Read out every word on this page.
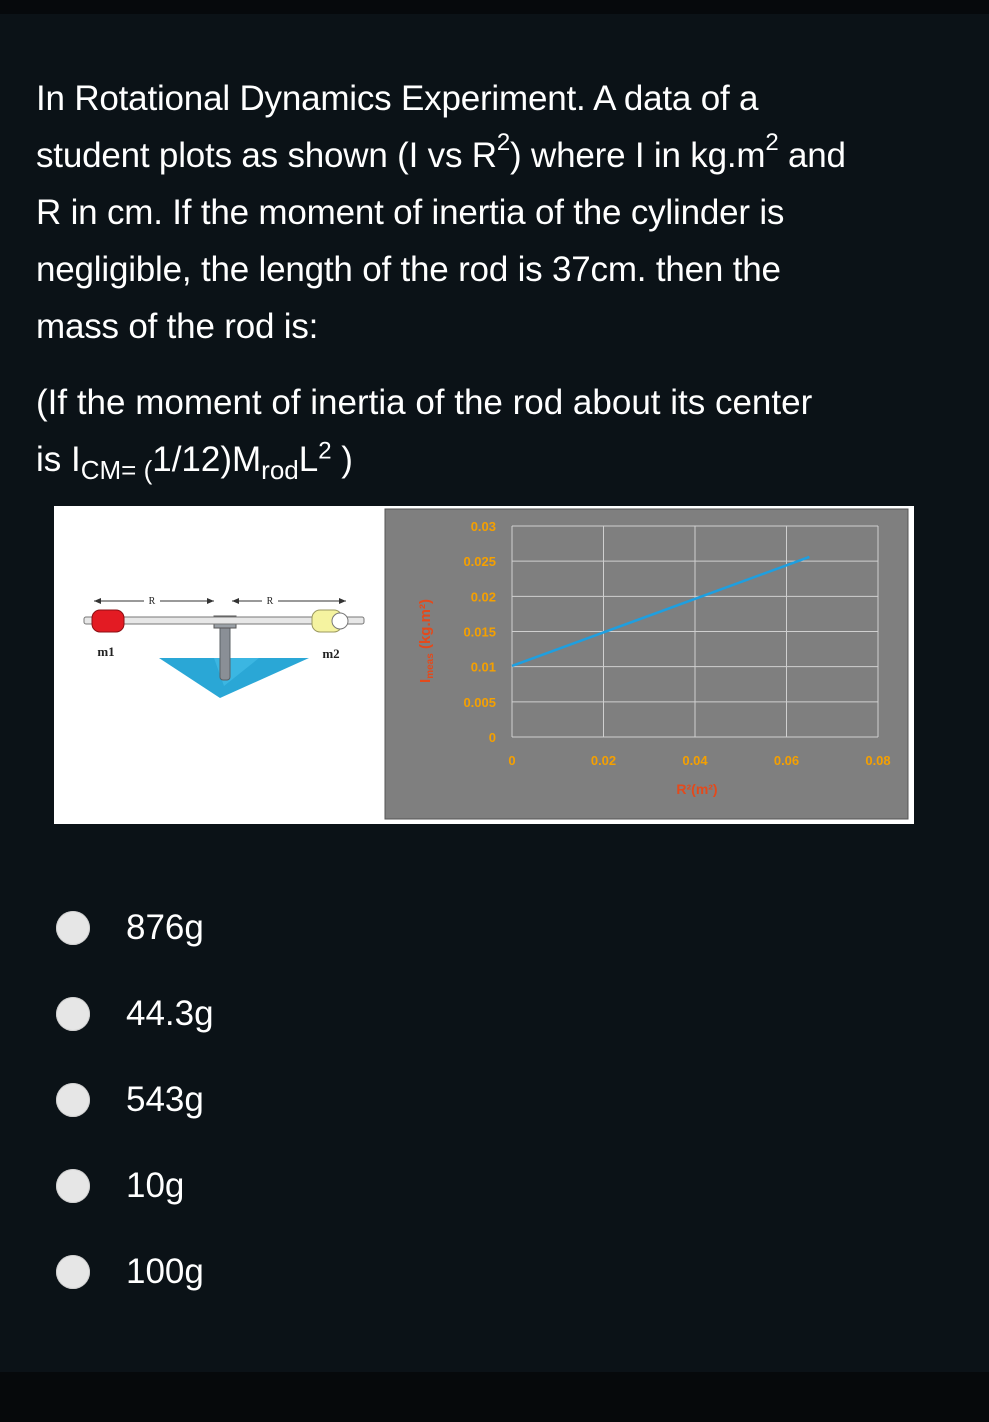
In Rotational Dynamics Experiment. A data of a
student plots as shown (I vs $R^2$) where I in $kg.m^2$ and
R in cm. If the moment of inertia of the cylinder is
negligible, the length of the rod is 37cm. then the
mass of the rod is:
(If the moment of inertia of the rod about its center
is $I_{CM= (}1/12)M_{rod}L^2$ )
R	R
m1	m2
0
0.005
0.01
0.015
0.02
0.025
0.03
0	0.02	0.04	0.06	0.08
R²(m²)
$I_{meas}$ (kg.m²)
876g
44.3g
543g
10g
100g
